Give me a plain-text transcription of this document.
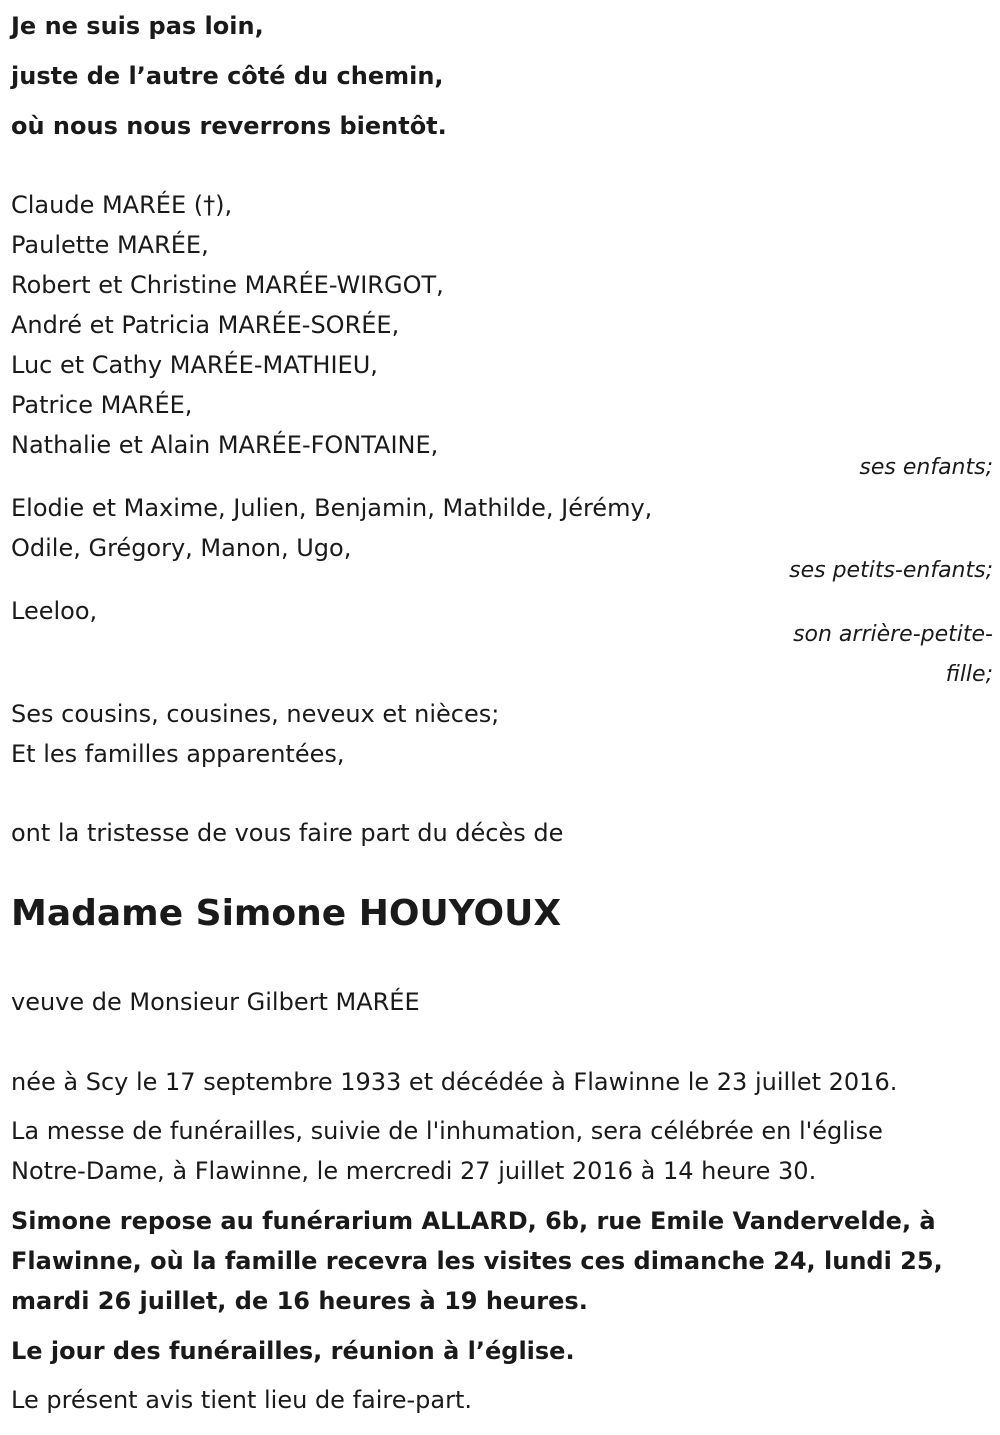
Je ne suis pas loin,
juste de l’autre côté du chemin,
où nous nous reverrons bientôt.
Claude MARÉE (†),
Paulette MARÉE,
Robert et Christine MARÉE-WIRGOT,
André et Patricia MARÉE-SORÉE,
Luc et Cathy MARÉE-MATHIEU,
Patrice MARÉE,
Nathalie et Alain MARÉE-FONTAINE,
ses enfants;
Elodie et Maxime, Julien, Benjamin, Mathilde, Jérémy,
Odile, Grégory, Manon, Ugo,
ses petits-enfants;
Leeloo,
son arrière-petite-
fille;
Ses cousins, cousines, neveux et nièces;
Et les familles apparentées,
ont la tristesse de vous faire part du décès de
Madame Simone HOUYOUX
veuve de Monsieur Gilbert MARÉE
née à Scy le 17 septembre 1933 et décédée à Flawinne le 23 juillet 2016.
La messe de funérailles, suivie de l'inhumation, sera célébrée en l'église
Notre-Dame, à Flawinne, le mercredi 27 juillet 2016 à 14 heure 30.
Simone repose au funérarium ALLARD, 6b, rue Emile Vandervelde, à
Flawinne, où la famille recevra les visites ces dimanche 24, lundi 25,
mardi 26 juillet, de 16 heures à 19 heures.
Le jour des funérailles, réunion à l’église.
Le présent avis tient lieu de faire-part.
